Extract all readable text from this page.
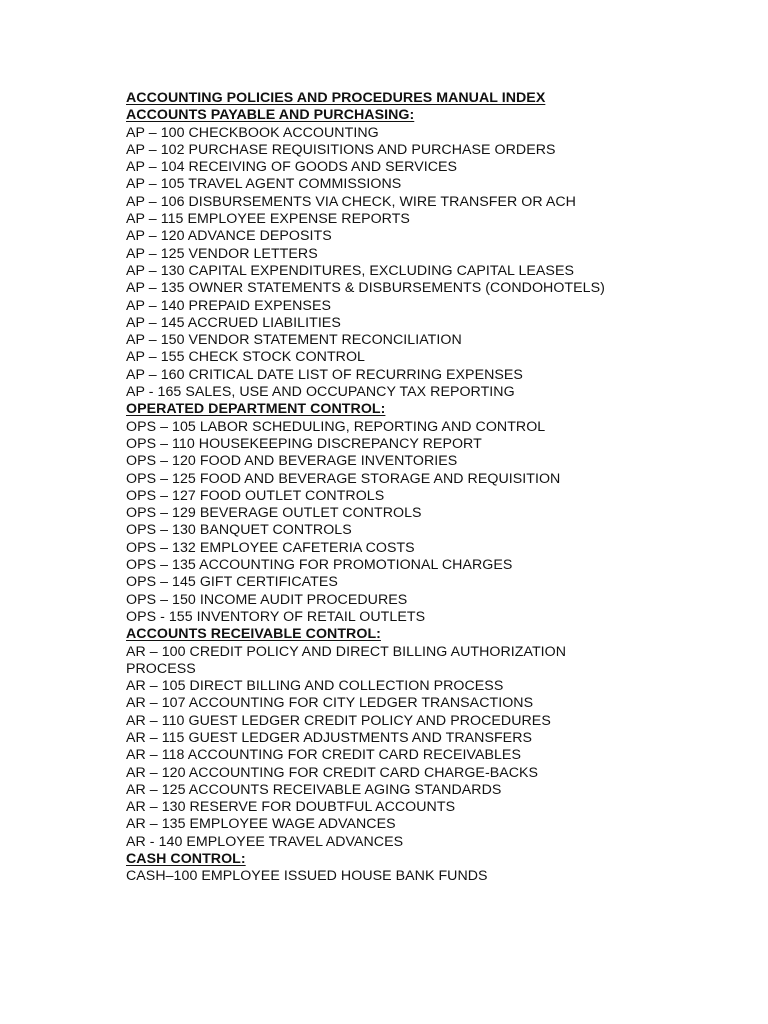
ACCOUNTING POLICIES AND PROCEDURES MANUAL INDEX
ACCOUNTS PAYABLE AND PURCHASING:
AP – 100 CHECKBOOK ACCOUNTING
AP – 102 PURCHASE REQUISITIONS AND PURCHASE ORDERS
AP – 104 RECEIVING OF GOODS AND SERVICES
AP – 105 TRAVEL AGENT COMMISSIONS
AP – 106 DISBURSEMENTS VIA CHECK, WIRE TRANSFER OR ACH
AP – 115 EMPLOYEE EXPENSE REPORTS
AP – 120 ADVANCE DEPOSITS
AP – 125 VENDOR LETTERS
AP – 130 CAPITAL EXPENDITURES, EXCLUDING CAPITAL LEASES
AP – 135 OWNER STATEMENTS & DISBURSEMENTS (CONDOHOTELS)
AP – 140 PREPAID EXPENSES
AP – 145 ACCRUED LIABILITIES
AP – 150 VENDOR STATEMENT RECONCILIATION
AP – 155 CHECK STOCK CONTROL
AP – 160 CRITICAL DATE LIST OF RECURRING EXPENSES
AP - 165 SALES, USE AND OCCUPANCY TAX REPORTING
OPERATED DEPARTMENT CONTROL:
OPS – 105 LABOR SCHEDULING, REPORTING AND CONTROL
OPS – 110 HOUSEKEEPING DISCREPANCY REPORT
OPS – 120 FOOD AND BEVERAGE INVENTORIES
OPS – 125 FOOD AND BEVERAGE STORAGE AND REQUISITION
OPS – 127 FOOD OUTLET CONTROLS
OPS – 129 BEVERAGE OUTLET CONTROLS
OPS – 130 BANQUET CONTROLS
OPS – 132 EMPLOYEE CAFETERIA COSTS
OPS – 135 ACCOUNTING FOR PROMOTIONAL CHARGES
OPS – 145 GIFT CERTIFICATES
OPS – 150 INCOME AUDIT PROCEDURES
OPS - 155 INVENTORY OF RETAIL OUTLETS
ACCOUNTS RECEIVABLE CONTROL:
AR – 100 CREDIT POLICY AND DIRECT BILLING AUTHORIZATION PROCESS
AR – 105 DIRECT BILLING AND COLLECTION PROCESS
AR – 107 ACCOUNTING FOR CITY LEDGER TRANSACTIONS
AR – 110 GUEST LEDGER CREDIT POLICY AND PROCEDURES
AR – 115 GUEST LEDGER ADJUSTMENTS AND TRANSFERS
AR – 118 ACCOUNTING FOR CREDIT CARD RECEIVABLES
AR – 120 ACCOUNTING FOR CREDIT CARD CHARGE-BACKS
AR – 125 ACCOUNTS RECEIVABLE AGING STANDARDS
AR – 130 RESERVE FOR DOUBTFUL ACCOUNTS
AR – 135 EMPLOYEE WAGE ADVANCES
AR - 140 EMPLOYEE TRAVEL ADVANCES
CASH CONTROL:
CASH–100 EMPLOYEE ISSUED HOUSE BANK FUNDS
